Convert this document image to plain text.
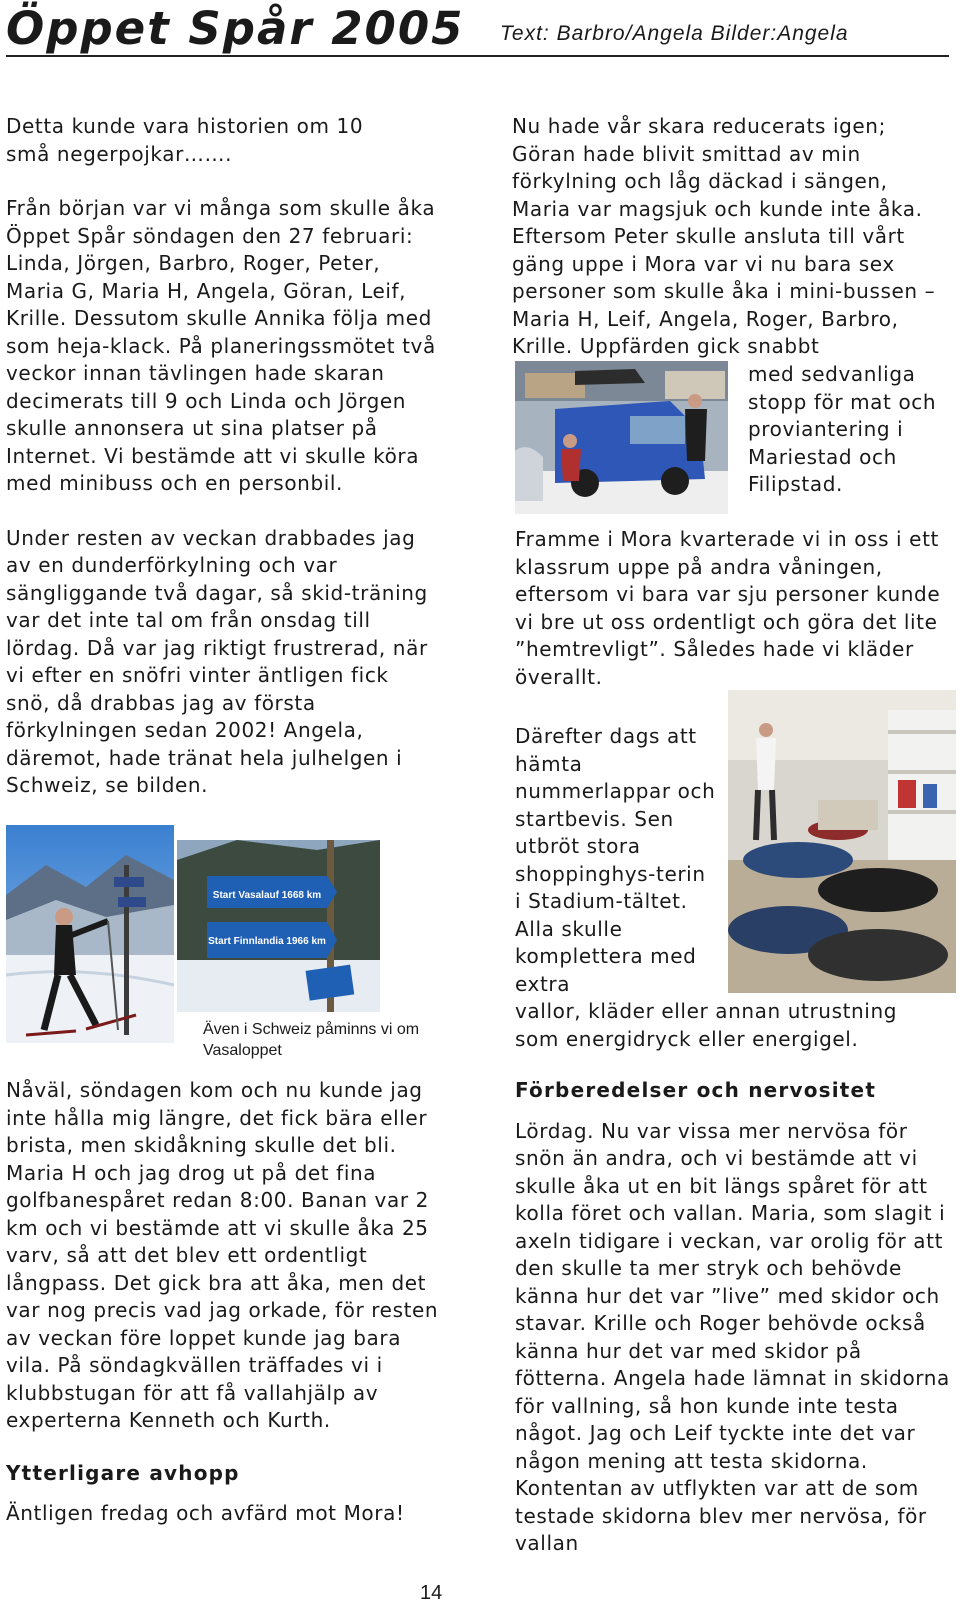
Öppet Spår 2005 Text: Barbro/Angela Bilder:Angela

Detta kunde vara historien om 10 små negerpojkar…….

Från början var vi många som skulle åka Öppet Spår söndagen den 27 februari: Linda, Jörgen, Barbro, Roger, Peter, Maria G, Maria H, Angela, Göran, Leif, Krille. Dessutom skulle Annika följa med som heja-klack. På planeringssmötet två veckor innan tävlingen hade skaran decimerats till 9 och Linda och Jörgen skulle annonsera ut sina platser på Internet. Vi bestämde att vi skulle köra med minibuss och en personbil.

Under resten av veckan drabbades jag av en dunderförkylning och var sängliggande två dagar, så skid-träning var det inte tal om från onsdag till lördag. Då var jag riktigt frustrerad, när vi efter en snöfri vinter äntligen fick snö, då drabbas jag av första förkylningen sedan 2002! Angela, däremot, hade tränat hela julhelgen i Schweiz, se bilden.

Start Vasalauf 1668 km
Start Finnlandia 1966 km
Även i Schweiz påminns vi om Vasaloppet

Nåväl, söndagen kom och nu kunde jag inte hålla mig längre, det fick bära eller brista, men skidåkning skulle det bli. Maria H och jag drog ut på det fina golfbanespåret redan 8:00. Banan var 2 km och vi bestämde att vi skulle åka 25 varv, så att det blev ett ordentligt långpass. Det gick bra att åka, men det var nog precis vad jag orkade, för resten av veckan före loppet kunde jag bara vila. På söndagkvällen träffades vi i klubbstugan för att få vallahjälp av experterna Kenneth och Kurth.

Ytterligare avhopp

Äntligen fredag och avfärd mot Mora!

Nu hade vår skara reducerats igen; Göran hade blivit smittad av min förkylning och låg däckad i sängen, Maria var magsjuk och kunde inte åka. Eftersom Peter skulle ansluta till vårt gäng uppe i Mora var vi nu bara sex personer som skulle åka i mini-bussen – Maria H, Leif, Angela, Roger, Barbro, Krille. Uppfärden gick snabbt

med sedvanliga stopp för mat och proviantering i Mariestad och Filipstad.

Framme i Mora kvarterade vi in oss i ett klassrum uppe på andra våningen, eftersom vi bara var sju personer kunde vi bre ut oss ordentligt och göra det lite ”hemtrevligt”. Således hade vi kläder överallt.

Därefter dags att hämta nummerlappar och startbevis. Sen utbröt stora shoppinghys-terin i Stadium-tältet. Alla skulle komplettera med extra

vallor, kläder eller annan utrustning som energidryck eller energigel.

Förberedelser och nervositet

Lördag. Nu var vissa mer nervösa för snön än andra, och vi bestämde att vi skulle åka ut en bit längs spåret för att kolla föret och vallan. Maria, som slagit i axeln tidigare i veckan, var orolig för att den skulle ta mer stryk och behövde känna hur det var ”live” med skidor och stavar. Krille och Roger behövde också känna hur det var med skidor på fötterna. Angela hade lämnat in skidorna för vallning, så hon kunde inte testa något. Jag och Leif tyckte inte det var någon mening att testa skidorna. Kontentan av utflykten var att de som testade skidorna blev mer nervösa, för vallan

14
